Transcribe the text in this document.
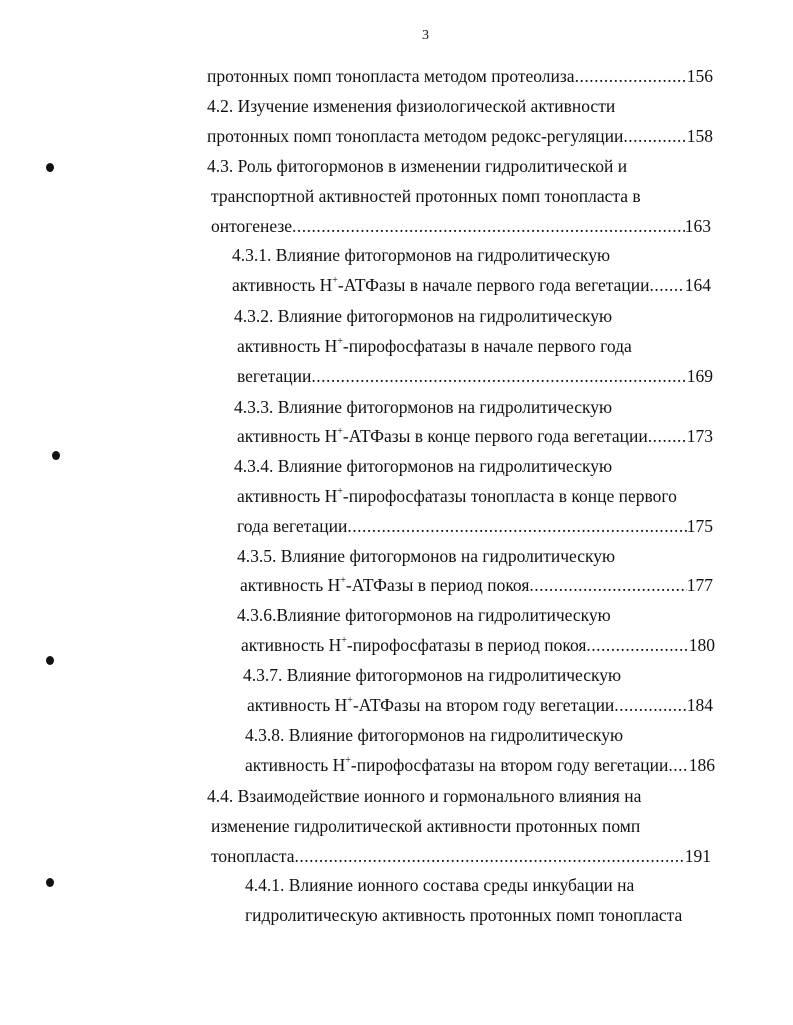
3
протонных помп тонопласта методом протеолиза .....	156
4.2. Изучение изменения физиологической активности
протонных помп тонопласта методом редокс-регуляции .....	158
4.3. Роль фитогормонов в изменении гидролитической и
транспортной активностей протонных помп тонопласта в
онтогенезе .....	163
4.3.1. Влияние фитогормонов на гидролитическую
активность Н+-АТФазы в начале первого года вегетации ..... 164
4.3.2. Влияние фитогормонов на гидролитическую
активность Н+-пирофосфатазы в начале первого года
вегетации .....	169
4.3.3. Влияние фитогормонов на гидролитическую
активность Н+-АТФазы в конце первого года вегетации ..... 173
4.3.4. Влияние фитогормонов на гидролитическую
активность Н+-пирофосфатазы тонопласта в конце первого
года вегетации .....	175
4.3.5. Влияние фитогормонов на гидролитическую
активность Н+-АТФазы в период покоя .....	177
4.3.6.Влияние фитогормонов на гидролитическую
активность Н+-пирофосфатазы в период покоя .....	180
4.3.7. Влияние фитогормонов на гидролитическую
активность Н+-АТФазы на втором году вегетации .....	184
4.3.8. Влияние фитогормонов на гидролитическую
активность Н+-пирофосфатазы на втором году вегетации ..... 186
4.4. Взаимодействие ионного и гормонального влияния на
изменение гидролитической активности протонных помп
тонопласта .....	191
4.4.1. Влияние ионного состава среды инкубации на
гидролитическую активность протонных помп тонопласта
